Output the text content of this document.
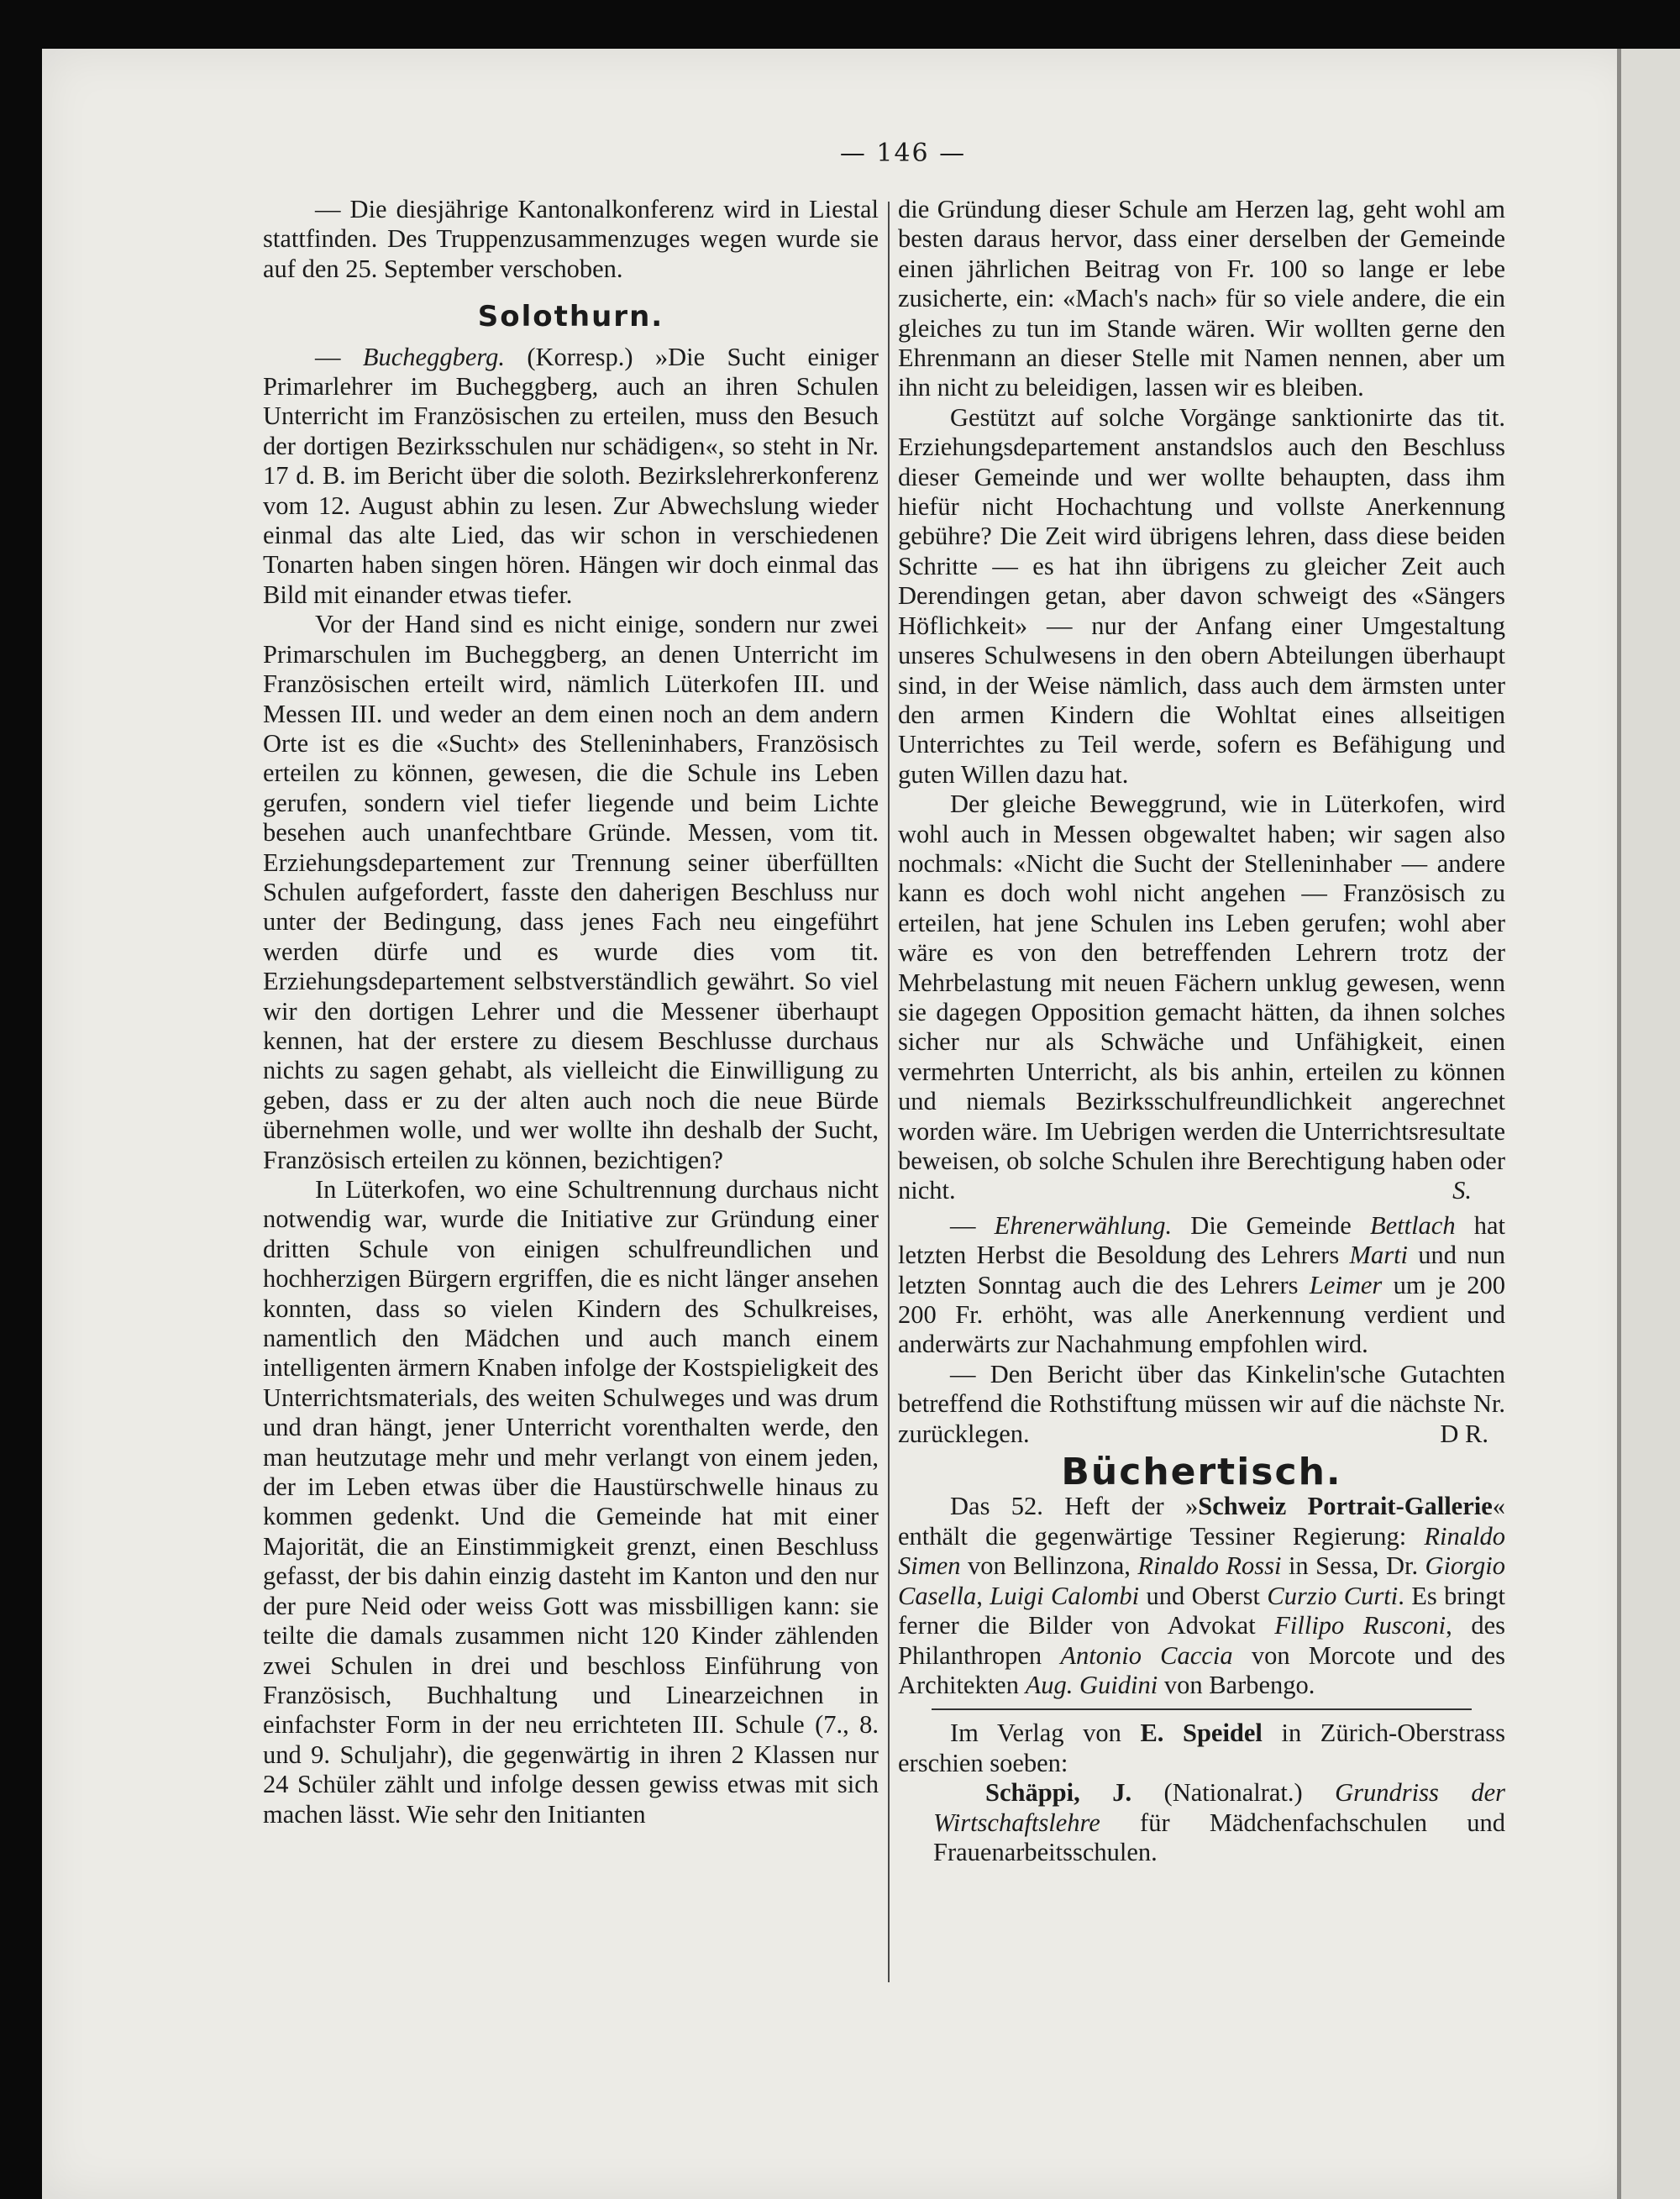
— 146 —

— Die diesjährige Kantonalkonferenz wird in Liestal stattfinden. Des Truppenzusammenzuges wegen wurde sie auf den 25. September verschoben.

Solothurn.

— Bucheggberg. (Korresp.) »Die Sucht einiger Primarlehrer im Bucheggberg, auch an ihren Schulen Unterricht im Französischen zu erteilen, muss den Besuch der dortigen Bezirksschulen nur schädigen«, so steht in Nr. 17 d. B. im Bericht über die soloth. Bezirkslehrerkonferenz vom 12. August abhin zu lesen. Zur Abwechslung wieder einmal das alte Lied, das wir schon in verschiedenen Tonarten haben singen hören. Hängen wir doch einmal das Bild mit einander etwas tiefer.

Vor der Hand sind es nicht einige, sondern nur zwei Primarschulen im Bucheggberg, an denen Unterricht im Französischen erteilt wird, nämlich Lüterkofen III. und Messen III. und weder an dem einen noch an dem andern Orte ist es die «Sucht» des Stelleninhabers, Französisch erteilen zu können, gewesen, die die Schule ins Leben gerufen, sondern viel tiefer liegende und beim Lichte besehen auch unanfechtbare Gründe. Messen, vom tit. Erziehungsdepartement zur Trennung seiner überfüllten Schulen aufgefordert, fasste den daherigen Beschluss nur unter der Bedingung, dass jenes Fach neu eingeführt werden dürfe und es wurde dies vom tit. Erziehungsdepartement selbstverständlich gewährt. So viel wir den dortigen Lehrer und die Messener überhaupt kennen, hat der erstere zu diesem Beschlusse durchaus nichts zu sagen gehabt, als vielleicht die Einwilligung zu geben, dass er zu der alten auch noch die neue Bürde übernehmen wolle, und wer wollte ihn deshalb der Sucht, Französisch erteilen zu können, bezichtigen?

In Lüterkofen, wo eine Schultrennung durchaus nicht notwendig war, wurde die Initiative zur Gründung einer dritten Schule von einigen schulfreundlichen und hochherzigen Bürgern ergriffen, die es nicht länger ansehen konnten, dass so vielen Kindern des Schulkreises, namentlich den Mädchen und auch manch einem intelligenten ärmern Knaben infolge der Kostspieligkeit des Unterrichtsmaterials, des weiten Schulweges und was drum und dran hängt, jener Unterricht vorenthalten werde, den man heutzutage mehr und mehr verlangt von einem jeden, der im Leben etwas über die Haustürschwelle hinaus zu kommen gedenkt. Und die Gemeinde hat mit einer Majorität, die an Einstimmigkeit grenzt, einen Beschluss gefasst, der bis dahin einzig dasteht im Kanton und den nur der pure Neid oder weiss Gott was missbilligen kann: sie teilte die damals zusammen nicht 120 Kinder zählenden zwei Schulen in drei und beschloss Einführung von Französisch, Buchhaltung und Linearzeichnen in einfachster Form in der neu errichteten III. Schule (7., 8. und 9. Schuljahr), die gegenwärtig in ihren 2 Klassen nur 24 Schüler zählt und infolge dessen gewiss etwas mit sich machen lässt. Wie sehr den Initianten

die Gründung dieser Schule am Herzen lag, geht wohl am besten daraus hervor, dass einer derselben der Gemeinde einen jährlichen Beitrag von Fr. 100 so lange er lebe zusicherte, ein: «Mach's nach» für so viele andere, die ein gleiches zu tun im Stande wären. Wir wollten gerne den Ehrenmann an dieser Stelle mit Namen nennen, aber um ihn nicht zu beleidigen, lassen wir es bleiben.

Gestützt auf solche Vorgänge sanktionirte das tit. Erziehungsdepartement anstandslos auch den Beschluss dieser Gemeinde und wer wollte behaupten, dass ihm hiefür nicht Hochachtung und vollste Anerkennung gebühre? Die Zeit wird übrigens lehren, dass diese beiden Schritte — es hat ihn übrigens zu gleicher Zeit auch Derendingen getan, aber davon schweigt des «Sängers Höflichkeit» — nur der Anfang einer Umgestaltung unseres Schulwesens in den obern Abteilungen überhaupt sind, in der Weise nämlich, dass auch dem ärmsten unter den armen Kindern die Wohltat eines allseitigen Unterrichtes zu Teil werde, sofern es Befähigung und guten Willen dazu hat.

Der gleiche Beweggrund, wie in Lüterkofen, wird wohl auch in Messen obgewaltet haben; wir sagen also nochmals: «Nicht die Sucht der Stelleninhaber — andere kann es doch wohl nicht angehen — Französisch zu erteilen, hat jene Schulen ins Leben gerufen; wohl aber wäre es von den betreffenden Lehrern trotz der Mehrbelastung mit neuen Fächern unklug gewesen, wenn sie dagegen Opposition gemacht hätten, da ihnen solches sicher nur als Schwäche und Unfähigkeit, einen vermehrten Unterricht, als bis anhin, erteilen zu können und niemals Bezirksschulfreundlichkeit angerechnet worden wäre. Im Uebrigen werden die Unterrichtsresultate beweisen, ob solche Schulen ihre Berechtigung haben oder nicht.	S.

— Ehrenerwählung. Die Gemeinde Bettlach hat letzten Herbst die Besoldung des Lehrers Marti und nun letzten Sonntag auch die des Lehrers Leimer um je 200 200 Fr. erhöht, was alle Anerkennung verdient und anderwärts zur Nachahmung empfohlen wird.

— Den Bericht über das Kinkelin'sche Gutachten betreffend die Rothstiftung müssen wir auf die nächste Nr. zurücklegen.	D R.

Büchertisch.

Das 52. Heft der »Schweiz Portrait-Gallerie« enthält die gegenwärtige Tessiner Regierung: Rinaldo Simen von Bellinzona, Rinaldo Rossi in Sessa, Dr. Giorgio Casella, Luigi Calombi und Oberst Curzio Curti. Es bringt ferner die Bilder von Advokat Fillipo Rusconi, des Philanthropen Antonio Caccia von Morcote und des Architekten Aug. Guidini von Barbengo.

Im Verlag von E. Speidel in Zürich-Oberstrass erschien soeben:

Schäppi, J. (Nationalrat.) Grundriss der Wirtschaftslehre für Mädchenfachschulen und Frauenarbeitsschulen.
